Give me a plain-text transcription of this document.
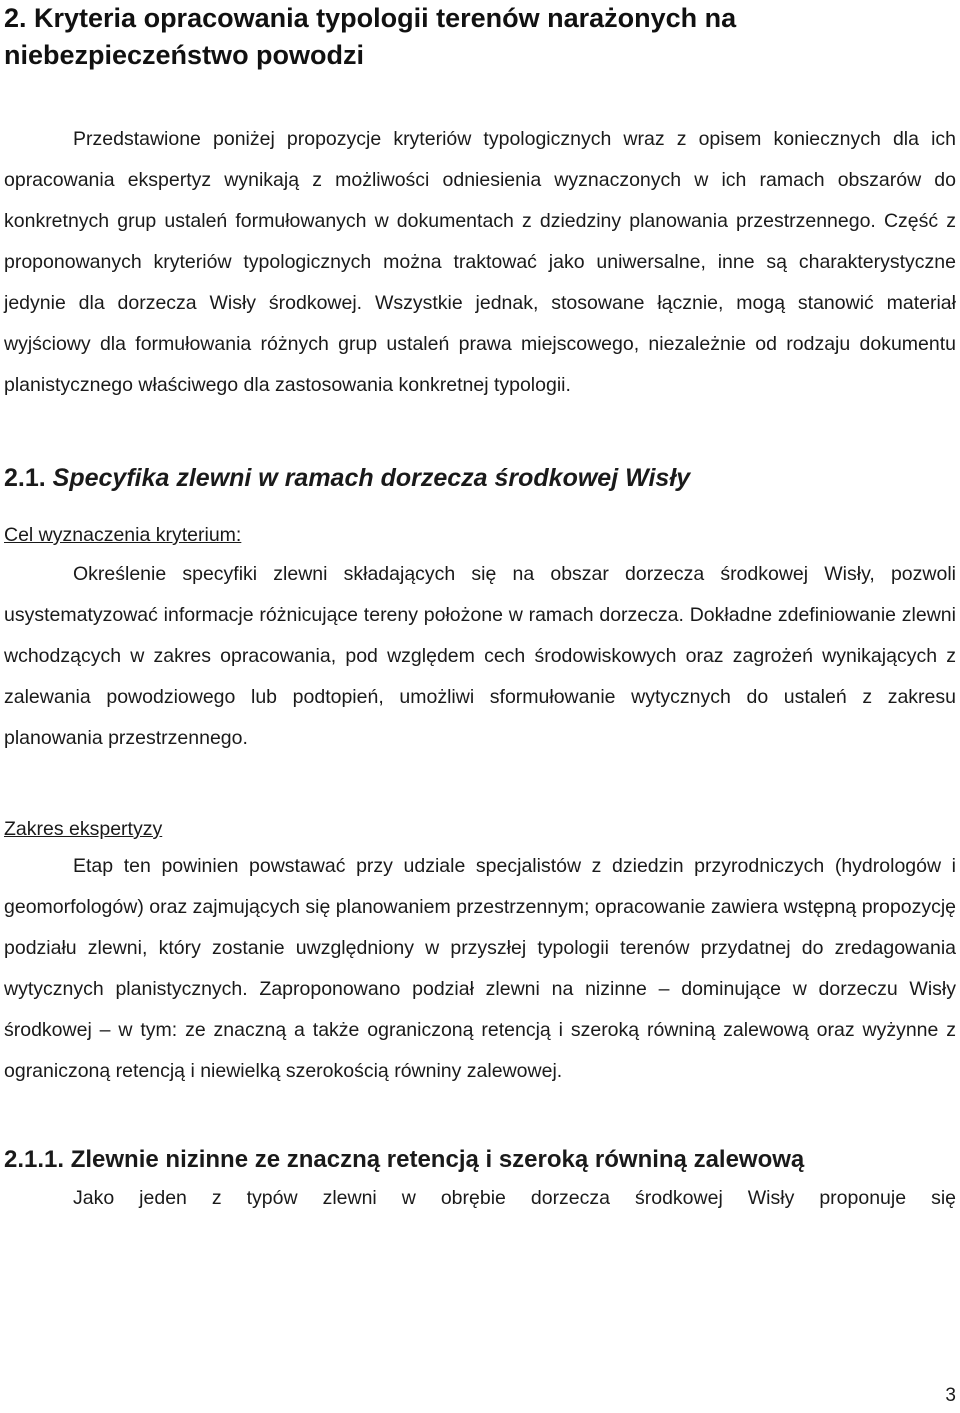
2. Kryteria opracowania typologii terenów narażonych na niebezpieczeństwo powodzi

Przedstawione poniżej propozycje kryteriów typologicznych wraz z opisem koniecznych dla ich opracowania ekspertyz wynikają z możliwości odniesienia wyznaczonych w ich ramach obszarów do konkretnych grup ustaleń formułowanych w dokumentach z dziedziny planowania przestrzennego. Część z proponowanych kryteriów typologicznych można traktować jako uniwersalne, inne są charakterystyczne jedynie dla dorzecza Wisły środkowej. Wszystkie jednak, stosowane łącznie, mogą stanowić materiał wyjściowy dla formułowania różnych grup ustaleń prawa miejscowego, niezależnie od rodzaju dokumentu planistycznego właściwego dla zastosowania konkretnej typologii.

2.1. Specyfika zlewni w ramach dorzecza środkowej Wisły

Cel wyznaczenia kryterium:

Określenie specyfiki zlewni składających się na obszar dorzecza środkowej Wisły, pozwoli usystematyzować informacje różnicujące tereny położone w ramach dorzecza. Dokładne zdefiniowanie zlewni wchodzących w zakres opracowania, pod względem cech środowiskowych oraz zagrożeń wynikających z zalewania powodziowego lub podtopień, umożliwi sformułowanie wytycznych do ustaleń z zakresu planowania przestrzennego.

Zakres ekspertyzy

Etap ten powinien powstawać przy udziale specjalistów z dziedzin przyrodniczych (hydrologów i geomorfologów) oraz zajmujących się planowaniem przestrzennym; opracowanie zawiera wstępną propozycję podziału zlewni, który zostanie uwzględniony w przyszłej typologii terenów przydatnej do zredagowania wytycznych planistycznych. Zaproponowano podział zlewni na nizinne – dominujące w dorzeczu Wisły środkowej – w tym: ze znaczną a także ograniczoną retencją i szeroką równiną zalewową oraz wyżynne z ograniczoną retencją i niewielką szerokością równiny zalewowej.

2.1.1. Zlewnie nizinne ze znaczną retencją i szeroką równiną zalewową

Jako jeden z typów zlewni w obrębie dorzecza środkowej Wisły proponuje się

3
